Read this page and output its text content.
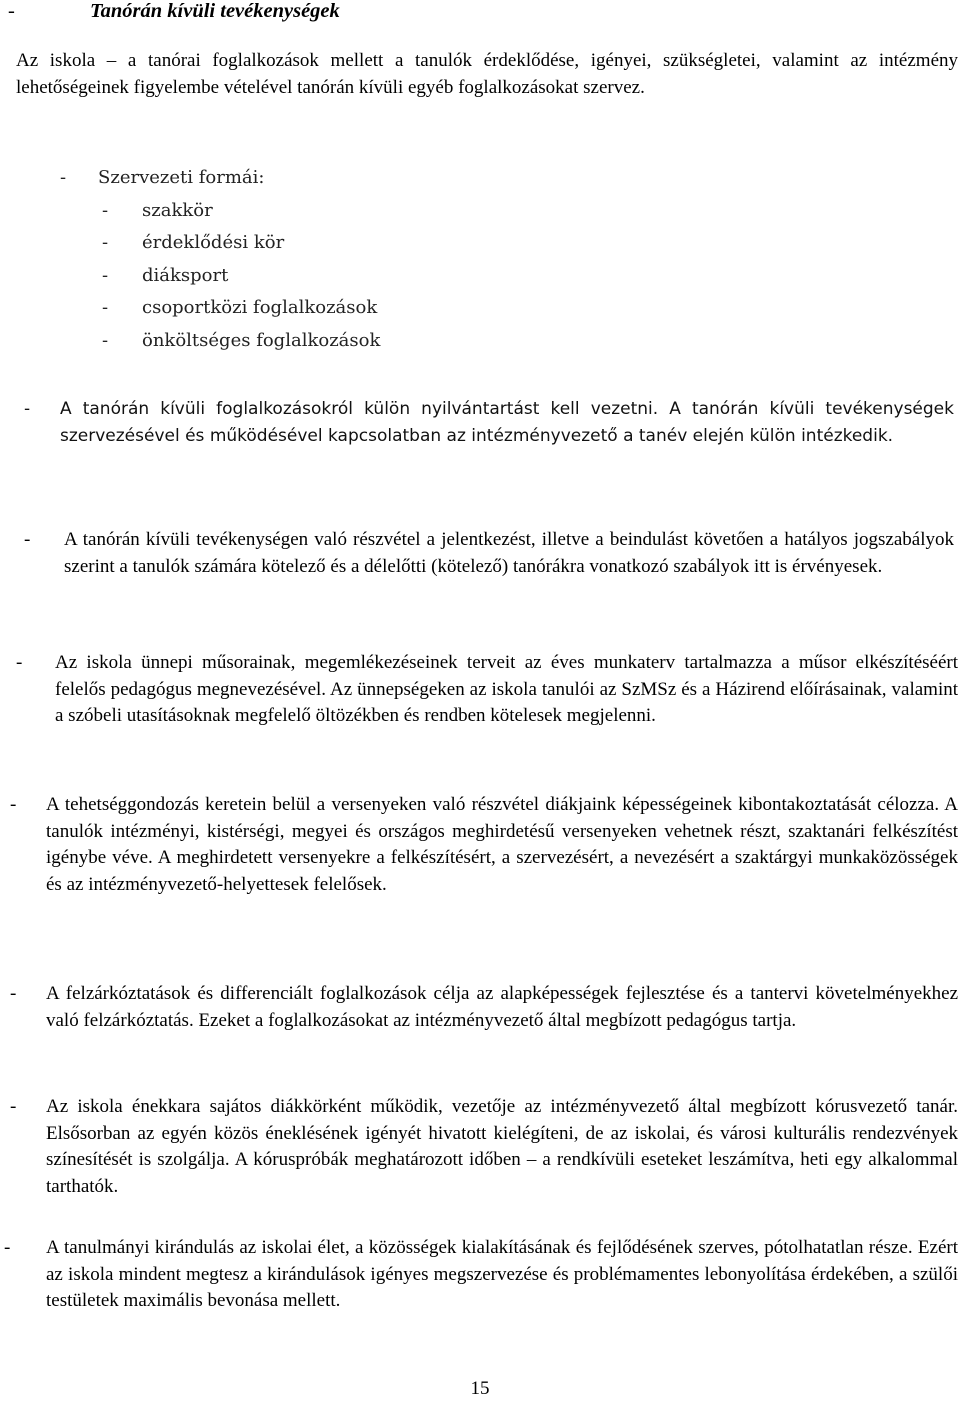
-	Tanórán kívüli tevékenységek
Az iskola – a tanórai foglalkozások mellett a tanulók érdeklődése, igényei, szükségletei, valamint az intézmény lehetőségeinek figyelembe vételével tanórán kívüli egyéb foglalkozásokat szervez.
- Szervezeti formái:
- szakkör
- érdeklődési kör
- diáksport
- csoportközi foglalkozások
- önköltséges foglalkozások
- A tanórán kívüli foglalkozásokról külön nyilvántartást kell vezetni. A tanórán kívüli tevékenységek szervezésével és működésével kapcsolatban az intézményvezető a tanév elején külön intézkedik.
- A tanórán kívüli tevékenységen való részvétel a jelentkezést, illetve a beindulást követően a hatályos jogszabályok szerint a tanulók számára kötelező és a délelőtti (kötelező) tanórákra vonatkozó szabályok itt is érvényesek.
- Az iskola ünnepi műsorainak, megemlékezéseinek terveit az éves munkaterv tartalmazza a műsor elkészítéséért felelős pedagógus megnevezésével. Az ünnepségeken az iskola tanulói az SzMSz és a Házirend előírásainak, valamint a szóbeli utasításoknak megfelelő öltözékben és rendben kötelesek megjelenni.
- A tehetséggondozás keretein belül a versenyeken való részvétel diákjaink képességeinek kibontakoztatását célozza. A tanulók intézményi, kistérségi, megyei és országos meghirdetésű versenyeken vehetnek részt, szaktanári felkészítést igénybe véve. A meghirdetett versenyekre a felkészítésért, a szervezésért, a nevezésért a szaktárgyi munkaközösségek és az intézményvezető-helyettesek felelősek.
- A felzárkóztatások és differenciált foglalkozások célja az alapképességek fejlesztése és a tantervi követelményekhez való felzárkóztatás. Ezeket a foglalkozásokat az intézményvezető által megbízott pedagógus tartja.
- Az iskola énekkara sajátos diákkörként működik, vezetője az intézményvezető által megbízott kórusvezető tanár. Elsősorban az egyén közös éneklésének igényét hivatott kielégíteni, de az iskolai, és városi kulturális rendezvények színesítését is szolgálja. A kóruspróbák meghatározott időben – a rendkívüli eseteket leszámítva, heti egy alkalommal tarthatók.
- A tanulmányi kirándulás az iskolai élet, a közösségek kialakításának és fejlődésének szerves, pótolhatatlan része. Ezért az iskola mindent megtesz a kirándulások igényes megszervezése és problémamentes lebonyolítása érdekében, a szülői testületek maximális bevonása mellett.
15
